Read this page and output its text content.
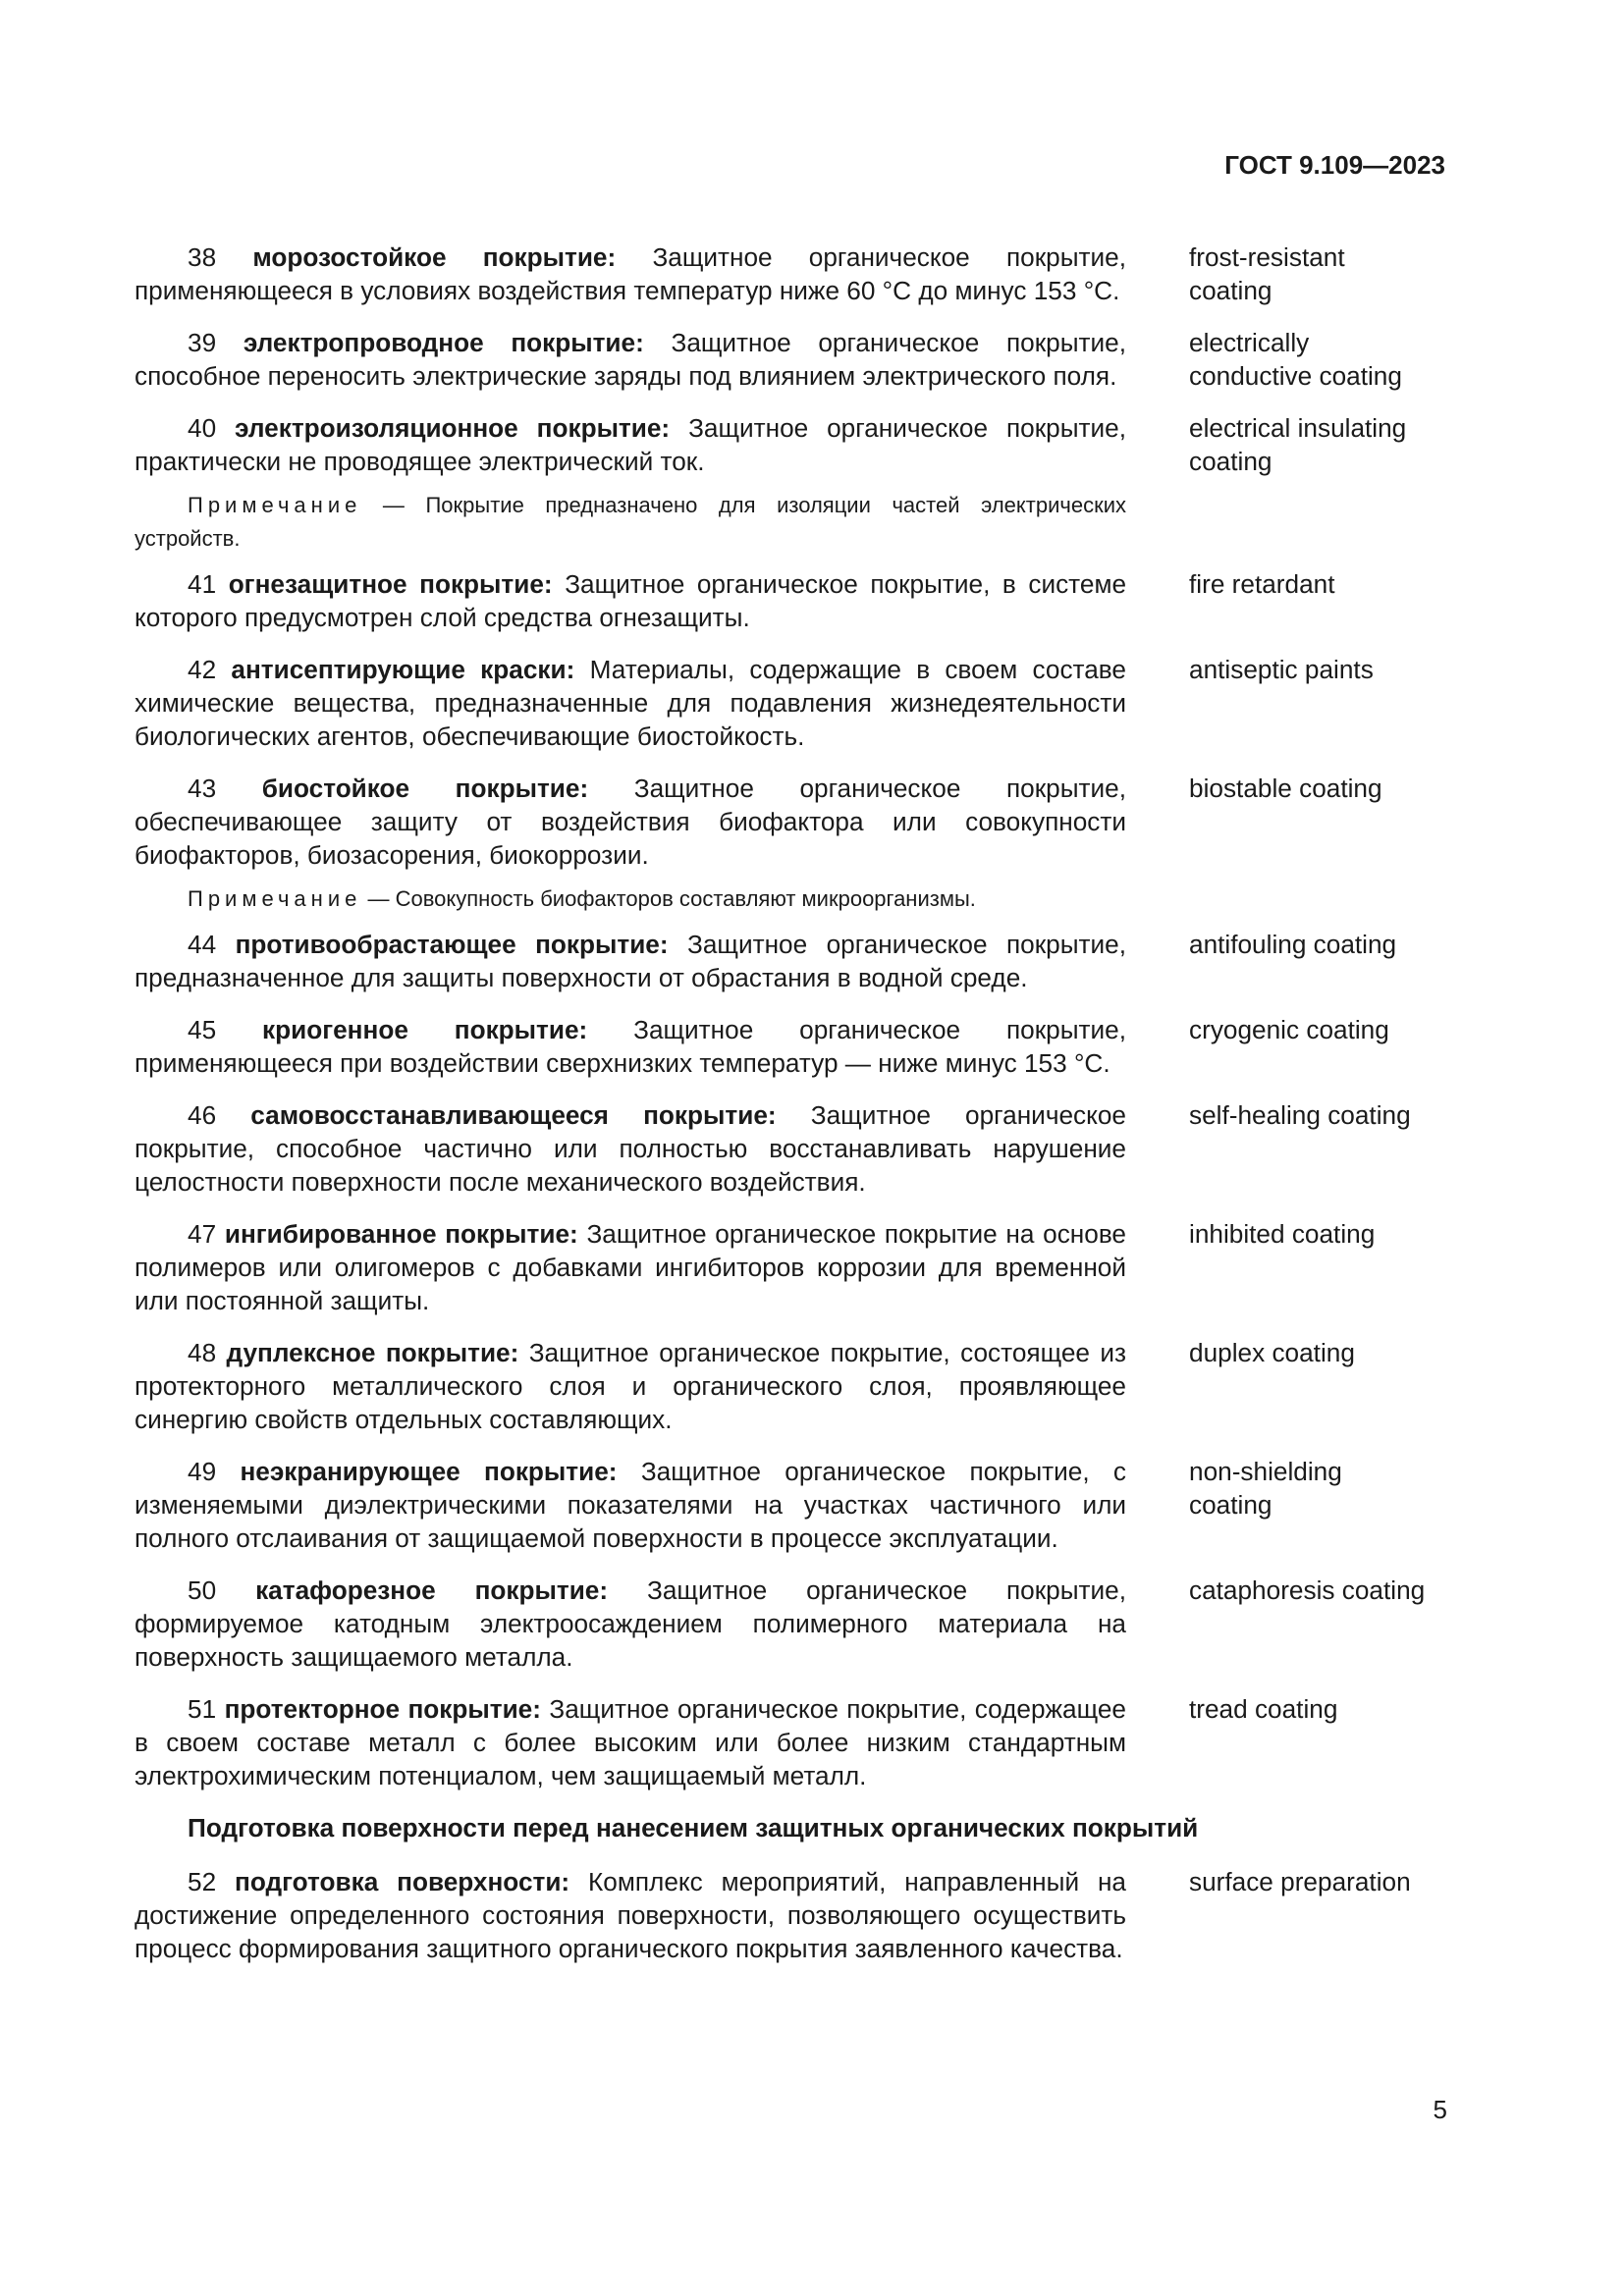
ГОСТ 9.109—2023
38 морозостойкое покрытие: Защитное органическое покрытие, применяющееся в условиях воздействия температур ниже 60 °С до минус 153 °С.
frost-resistant coating
39 электропроводное покрытие: Защитное органическое покрытие, способное переносить электрические заряды под влиянием электрического поля.
electrically conductive coating
40 электроизоляционное покрытие: Защитное органическое покрытие, практически не проводящее электрический ток.
electrical insulating coating
Примечание — Покрытие предназначено для изоляции частей электрических устройств.
41 огнезащитное покрытие: Защитное органическое покрытие, в системе которого предусмотрен слой средства огнезащиты.
fire retardant
42 антисептирующие краски: Материалы, содержащие в своем составе химические вещества, предназначенные для подавления жизнедеятельности биологических агентов, обеспечивающие биостойкость.
antiseptic paints
43 биостойкое покрытие: Защитное органическое покрытие, обеспечивающее защиту от воздействия биофактора или совокупности биофакторов, биозасорения, биокоррозии.
biostable coating
Примечание — Совокупность биофакторов составляют микроорганизмы.
44 противообрастающее покрытие: Защитное органическое покрытие, предназначенное для защиты поверхности от обрастания в водной среде.
antifouling coating
45 криогенное покрытие: Защитное органическое покрытие, применяющееся при воздействии сверхнизких температур — ниже минус 153 °С.
cryogenic coating
46 самовосстанавливающееся покрытие: Защитное органическое покрытие, способное частично или полностью восстанавливать нарушение целостности поверхности после механического воздействия.
self-healing coating
47 ингибированное покрытие: Защитное органическое покрытие на основе полимеров или олигомеров с добавками ингибиторов коррозии для временной или постоянной защиты.
inhibited coating
48 дуплексное покрытие: Защитное органическое покрытие, состоящее из протекторного металлического слоя и органического слоя, проявляющее синергию свойств отдельных составляющих.
duplex coating
49 неэкранирующее покрытие: Защитное органическое покрытие, с изменяемыми диэлектрическими показателями на участках частичного или полного отслаивания от защищаемой поверхности в процессе эксплуатации.
non-shielding coating
50 катафорезное покрытие: Защитное органическое покрытие, формируемое катодным электроосаждением полимерного материала на поверхность защищаемого металла.
cataphoresis coating
51 протекторное покрытие: Защитное органическое покрытие, содержащее в своем составе металл с более высоким или более низким стандартным электрохимическим потенциалом, чем защищаемый металл.
tread coating
Подготовка поверхности перед нанесением защитных органических покрытий
52 подготовка поверхности: Комплекс мероприятий, направленный на достижение определенного состояния поверхности, позволяющего осуществить процесс формирования защитного органического покрытия заявленного качества.
surface preparation
5
